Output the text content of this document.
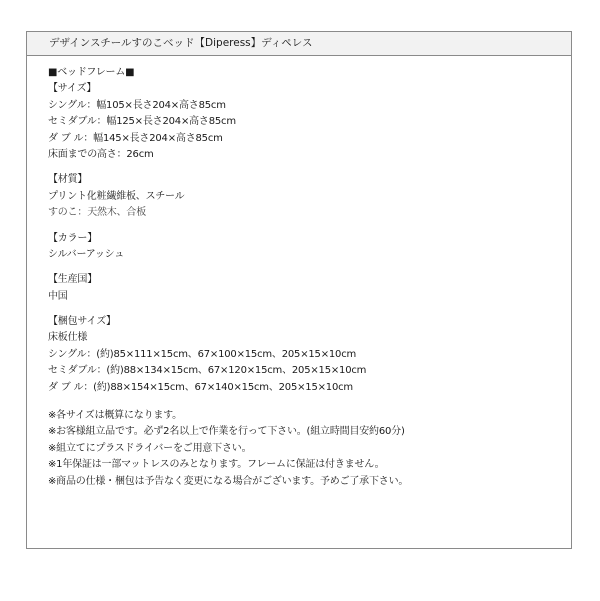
デザインスチールすのこベッド【Diperess】ディペレス
■ベッドフレーム■
【サイズ】
シングル：幅105×長さ204×高さ85cm
セミダブル：幅125×長さ204×高さ85cm
ダ ブ ル：幅145×長さ204×高さ85cm
床面までの高さ：26cm
【材質】
プリント化粧繊維板、スチール
すのこ：天然木、合板
【カラー】
シルバーアッシュ
【生産国】
中国
【梱包サイズ】
床板仕様
シングル：(約)85×111×15cm、67×100×15cm、205×15×10cm
セミダブル：(約)88×134×15cm、67×120×15cm、205×15×10cm
ダ ブ ル：(約)88×154×15cm、67×140×15cm、205×15×10cm
※各サイズは概算になります。
※お客様組立品です。必ず2名以上で作業を行って下さい。(組立時間目安約60分)
※組立てにプラスドライバーをご用意下さい。
※1年保証は一部マットレスのみとなります。フレームに保証は付きません。
※商品の仕様・梱包は予告なく変更になる場合がございます。予めご了承下さい。
